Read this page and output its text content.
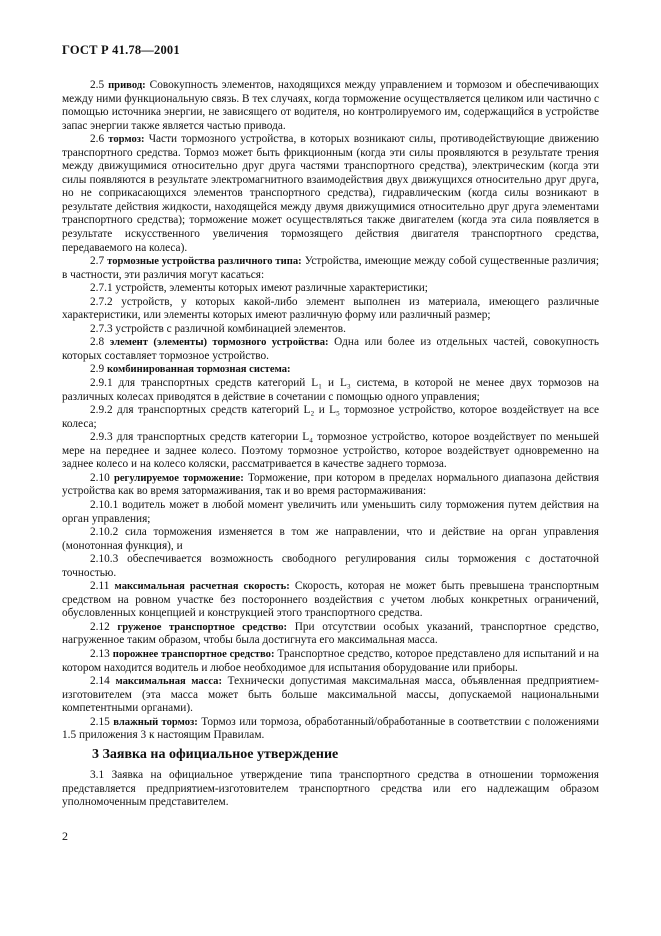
ГОСТ Р 41.78—2001

2.5 привод: Совокупность элементов, находящихся между управлением и тормозом и обеспечивающих между ними функциональную связь. В тех случаях, когда торможение осуществляется целиком или частично с помощью источника энергии, не зависящего от водителя, но контролируемого им, содержащийся в устройстве запас энергии также является частью привода.

2.6 тормоз: Части тормозного устройства, в которых возникают силы, противодействующие движению транспортного средства. Тормоз может быть фрикционным (когда эти силы проявляются в результате трения между движущимися относительно друг друга частями транспортного средства), электрическим (когда эти силы появляются в результате электромагнитного взаимодействия двух движущихся относительно друг друга, но не соприкасающихся элементов транспортного средства), гидравлическим (когда силы возникают в результате действия жидкости, находящейся между двумя движущимися относительно друг друга элементами транспортного средства); торможение может осуществляться также двигателем (когда эта сила появляется в результате искусственного увеличения тормозящего действия двигателя транспортного средства, передаваемого на колеса).

2.7 тормозные устройства различного типа: Устройства, имеющие между собой существенные различия; в частности, эти различия могут касаться:

2.7.1 устройств, элементы которых имеют различные характеристики;

2.7.2 устройств, у которых какой-либо элемент выполнен из материала, имеющего различные характеристики, или элементы которых имеют различную форму или различный размер;

2.7.3 устройств с различной комбинацией элементов.

2.8 элемент (элементы) тормозного устройства: Одна или более из отдельных частей, совокупность которых составляет тормозное устройство.

2.9 комбинированная тормозная система:

2.9.1 для транспортных средств категорий L₁ и L₃ система, в которой не менее двух тормозов на различных колесах приводятся в действие в сочетании с помощью одного управления;

2.9.2 для транспортных средств категорий L₂ и L₅ тормозное устройство, которое воздействует на все колеса;

2.9.3 для транспортных средств категории L₄ тормозное устройство, которое воздействует по меньшей мере на переднее и заднее колесо. Поэтому тормозное устройство, которое воздействует одновременно на заднее колесо и на колесо коляски, рассматривается в качестве заднего тормоза.

2.10 регулируемое торможение: Торможение, при котором в пределах нормального диапазона действия устройства как во время затормаживания, так и во время растормаживания:

2.10.1 водитель может в любой момент увеличить или уменьшить силу торможения путем действия на орган управления;

2.10.2 сила торможения изменяется в том же направлении, что и действие на орган управления (монотонная функция), и

2.10.3 обеспечивается возможность свободного регулирования силы торможения с достаточной точностью.

2.11 максимальная расчетная скорость: Скорость, которая не может быть превышена транспортным средством на ровном участке без постороннего воздействия с учетом любых конкретных ограничений, обусловленных концепцией и конструкцией этого транспортного средства.

2.12 груженое транспортное средство: При отсутствии особых указаний, транспортное средство, нагруженное таким образом, чтобы была достигнута его максимальная масса.

2.13 порожнее транспортное средство: Транспортное средство, которое представлено для испытаний и на котором находится водитель и любое необходимое для испытания оборудование или приборы.

2.14 максимальная масса: Технически допустимая максимальная масса, объявленная предприятием-изготовителем (эта масса может быть больше максимальной массы, допускаемой национальными компетентными органами).

2.15 влажный тормоз: Тормоз или тормоза, обработанный/обработанные в соответствии с положениями 1.5 приложения 3 к настоящим Правилам.

3 Заявка на официальное утверждение

3.1 Заявка на официальное утверждение типа транспортного средства в отношении торможения представляется предприятием-изготовителем транспортного средства или его надлежащим образом уполномоченным представителем.

2
